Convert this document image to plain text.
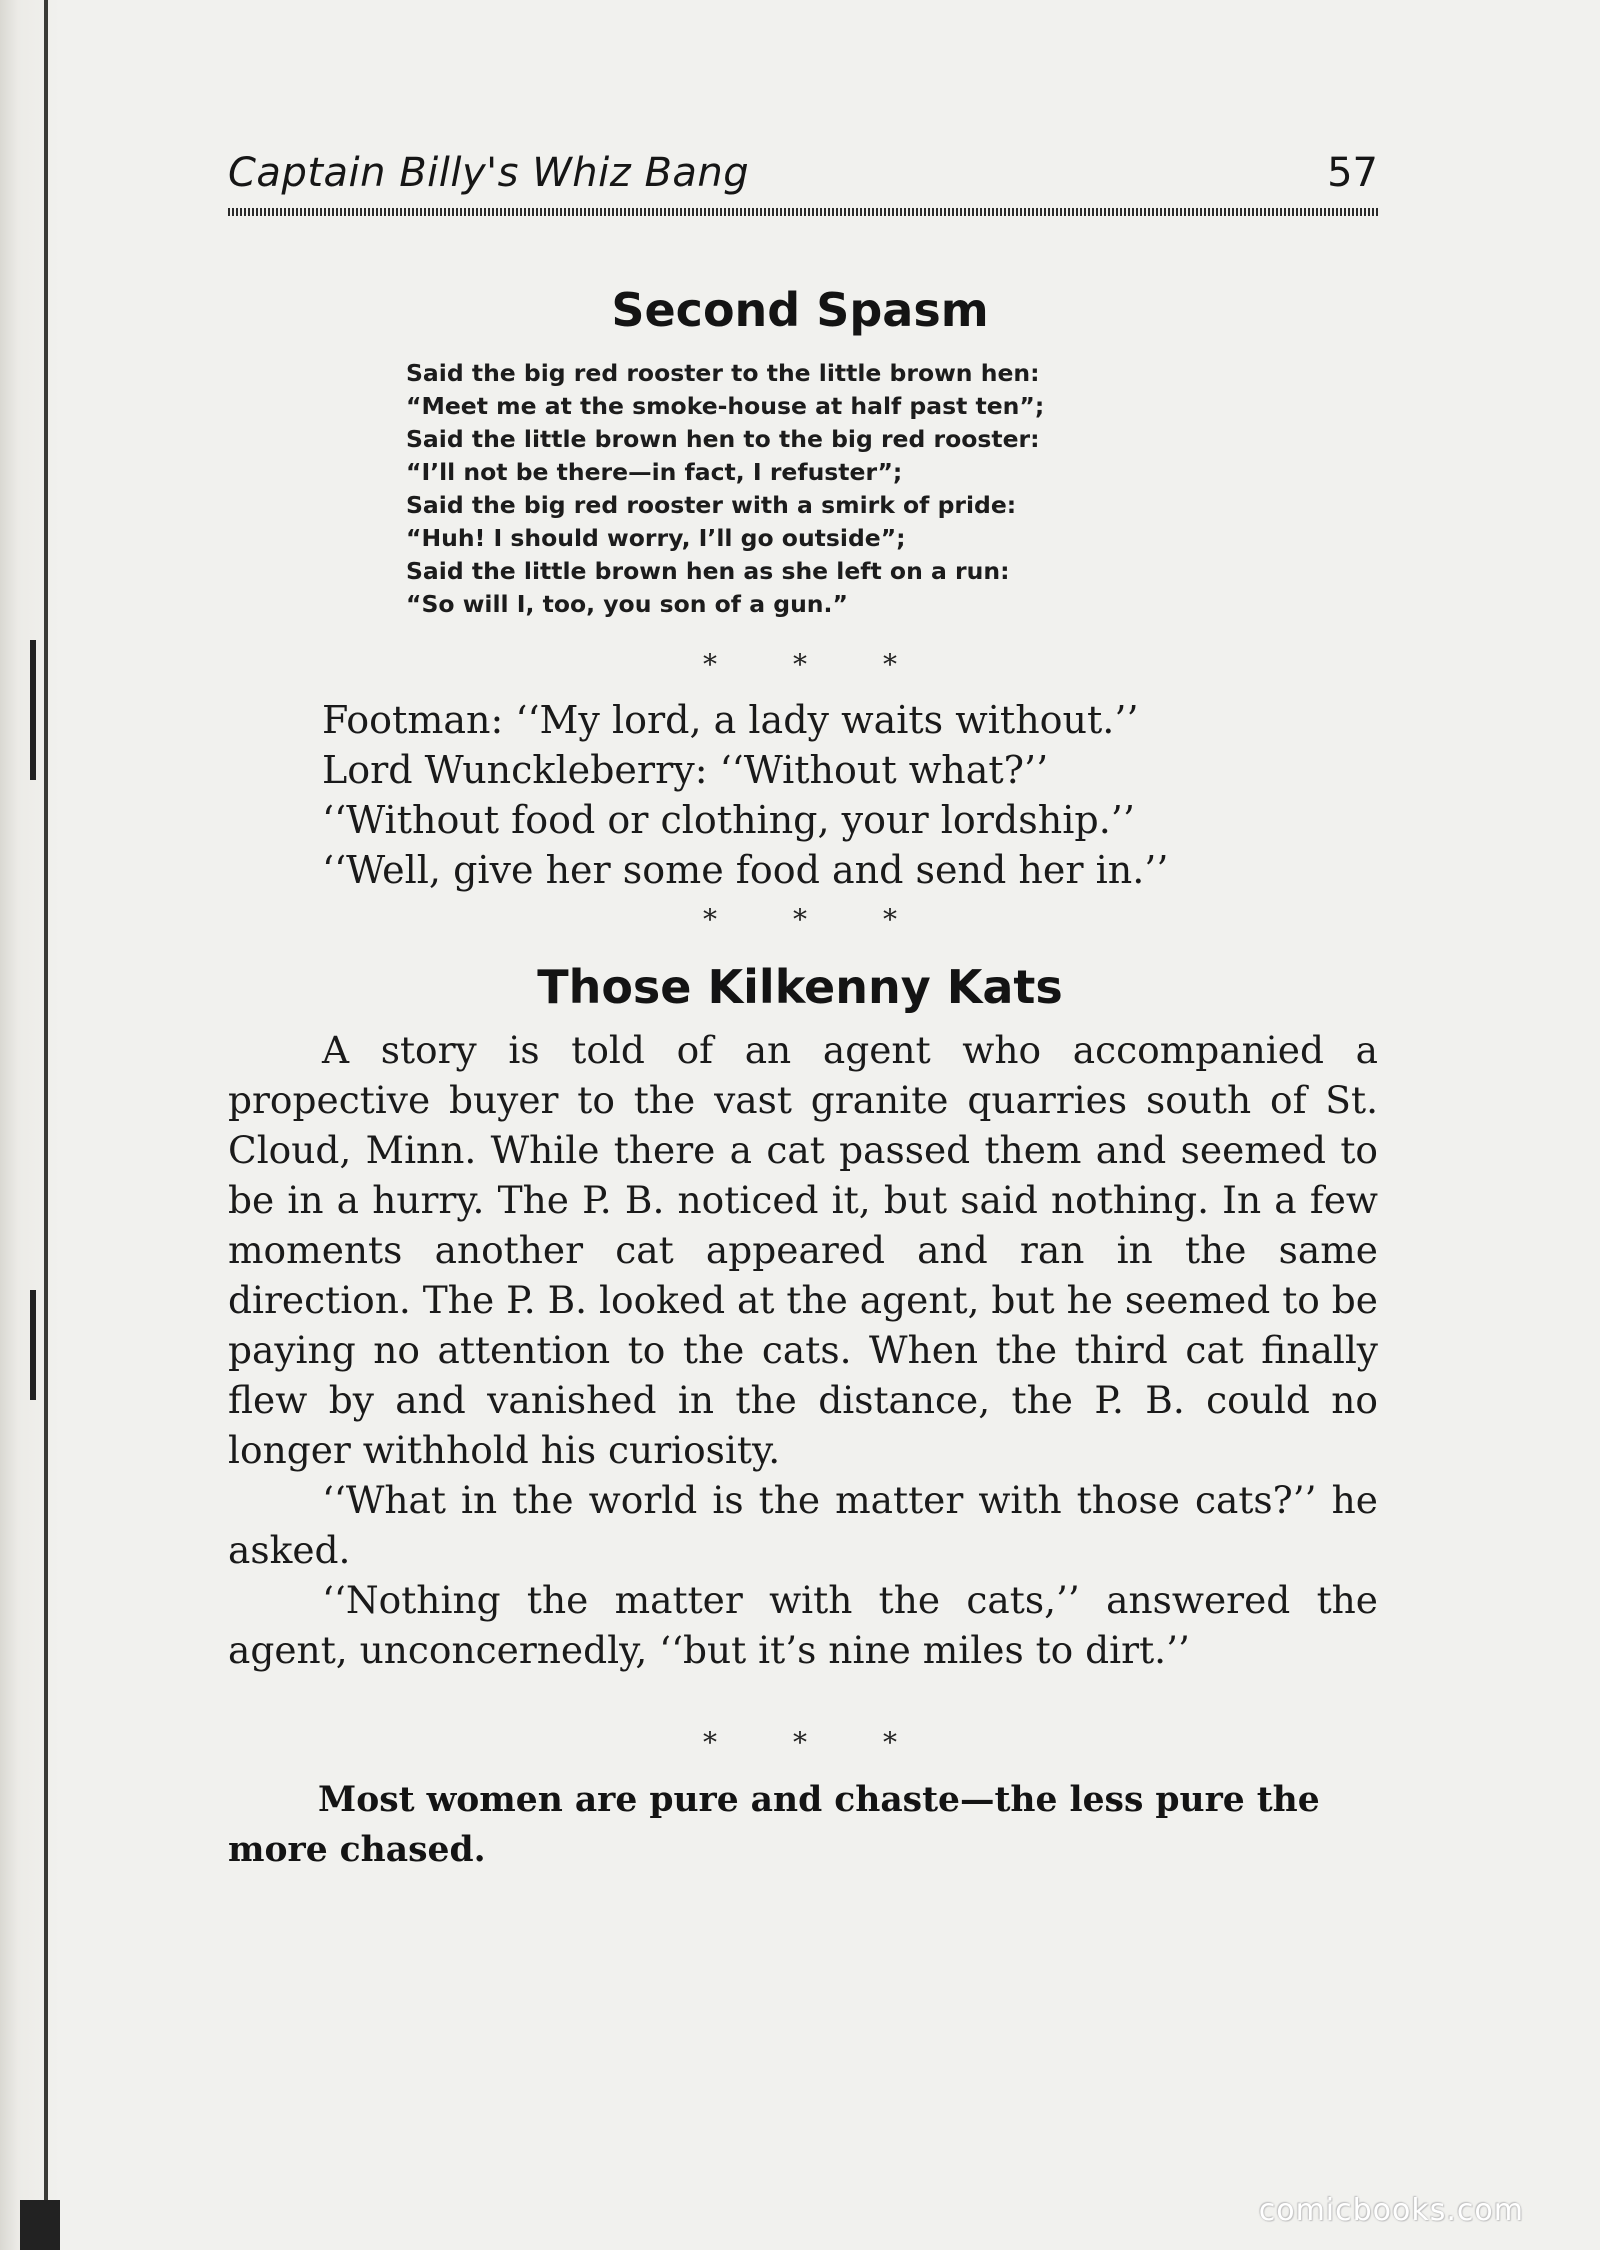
Captain Billy's Whiz Bang	57
Second Spasm
Said the big red rooster to the little brown hen:
“Meet me at the smoke-house at half past ten”;
Said the little brown hen to the big red rooster:
“I’ll not be there—in fact, I refuster”;
Said the big red rooster with a smirk of pride:
“Huh! I should worry, I’ll go outside”;
Said the little brown hen as she left on a run:
“So will I, too, you son of a gun.”
*	*	*
Footman: ‘‘My lord, a lady waits without.’’
Lord Wunckleberry: ‘‘Without what?’’
‘‘Without food or clothing, your lordship.’’
‘‘Well, give her some food and send her in.’’
*	*	*
Those Kilkenny Kats

A story is told of an agent who accompanied a propective buyer to the vast granite quarries south of St. Cloud, Minn. While there a cat passed them and seemed to be in a hurry. The P. B. noticed it, but said nothing. In a few moments another cat appeared and ran in the same direction. The P. B. looked at the agent, but he seemed to be paying no attention to the cats. When the third cat finally flew by and vanished in the distance, the P. B. could no longer withhold his curiosity.

‘‘What in the world is the matter with those cats?’’ he asked.

‘‘Nothing the matter with the cats,’’ answered the agent, unconcernedly, ‘‘but it’s nine miles to dirt.’’

*	*	*
Most women are pure and chaste—the less pure the more chased.
comicbooks.com
